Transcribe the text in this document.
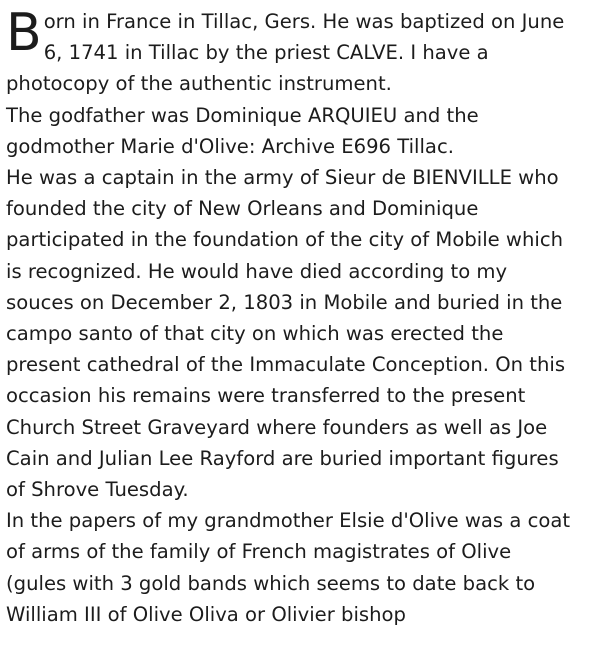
B orn in France in Tillac, Gers. He was baptized on June
6, 1741 in Tillac by the priest CALVE. I have a
photocopy of the authentic instrument.

The godfather was Dominique ARQUIEU and the
godmother Marie d'Olive: Archive E696 Tillac.

He was a captain in the army of Sieur de BIENVILLE who
founded the city of New Orleans and Dominique
participated in the foundation of the city of Mobile which
is recognized. He would have died according to my
souces on December 2, 1803 in Mobile and buried in the
campo santo of that city on which was erected the
present cathedral of the Immaculate Conception. On this
occasion his remains were transferred to the present
Church Street Graveyard where founders as well as Joe
Cain and Julian Lee Rayford are buried important figures
of Shrove Tuesday.

In the papers of my grandmother Elsie d'Olive was a coat
of arms of the family of French magistrates of Olive
(gules with 3 gold bands which seems to date back to
William III of Olive Oliva or Olivier bishop
